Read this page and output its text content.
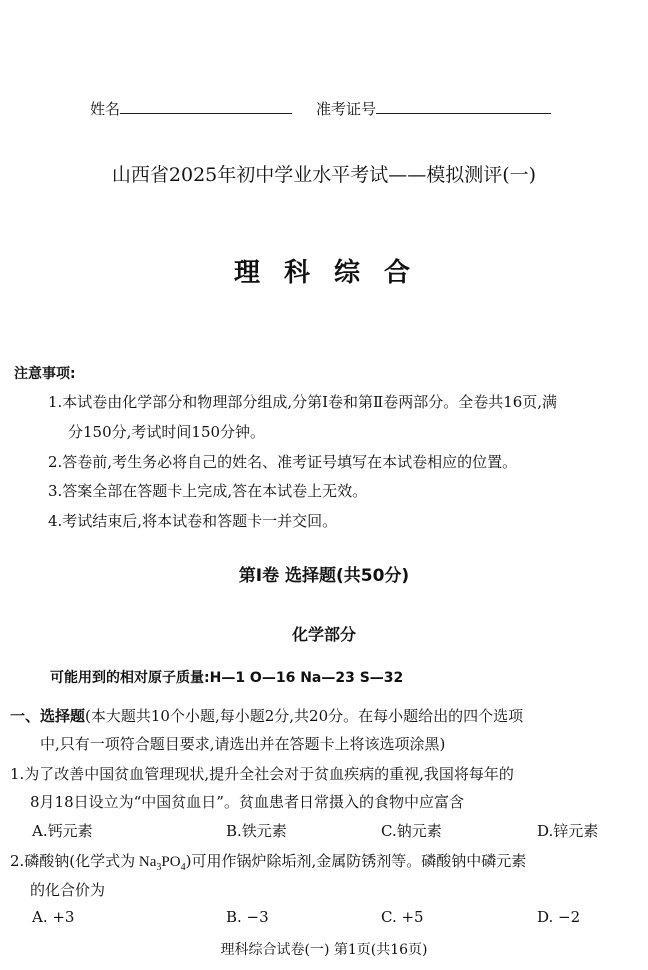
姓名	准考证号
山西省2025年初中学业水平考试——模拟测评(一)
理科综合
注意事项:
1.本试卷由化学部分和物理部分组成,分第Ⅰ卷和第Ⅱ卷两部分。全卷共16页,满
分150分,考试时间150分钟。
2.答卷前,考生务必将自己的姓名、准考证号填写在本试卷相应的位置。
3.答案全部在答题卡上完成,答在本试卷上无效。
4.考试结束后,将本试卷和答题卡一并交回。
第Ⅰ卷 选择题(共50分)
化学部分
可能用到的相对原子质量:H—1 O—16 Na—23 S—32
一、选择题(本大题共10个小题,每小题2分,共20分。在每小题给出的四个选项
中,只有一项符合题目要求,请选出并在答题卡上将该选项涂黑)
1.为了改善中国贫血管理现状,提升全社会对于贫血疾病的重视,我国将每年的
8月18日设立为“中国贫血日”。贫血患者日常摄入的食物中应富含
A.钙元素	B.铁元素	C.钠元素	D.锌元素
2.磷酸钠(化学式为 $Na_3PO_4$)可用作锅炉除垢剂,金属防锈剂等。磷酸钠中磷元素
的化合价为
A. +3	B. −3	C. +5	D. −2
理科综合试卷(一) 第1页(共16页)
